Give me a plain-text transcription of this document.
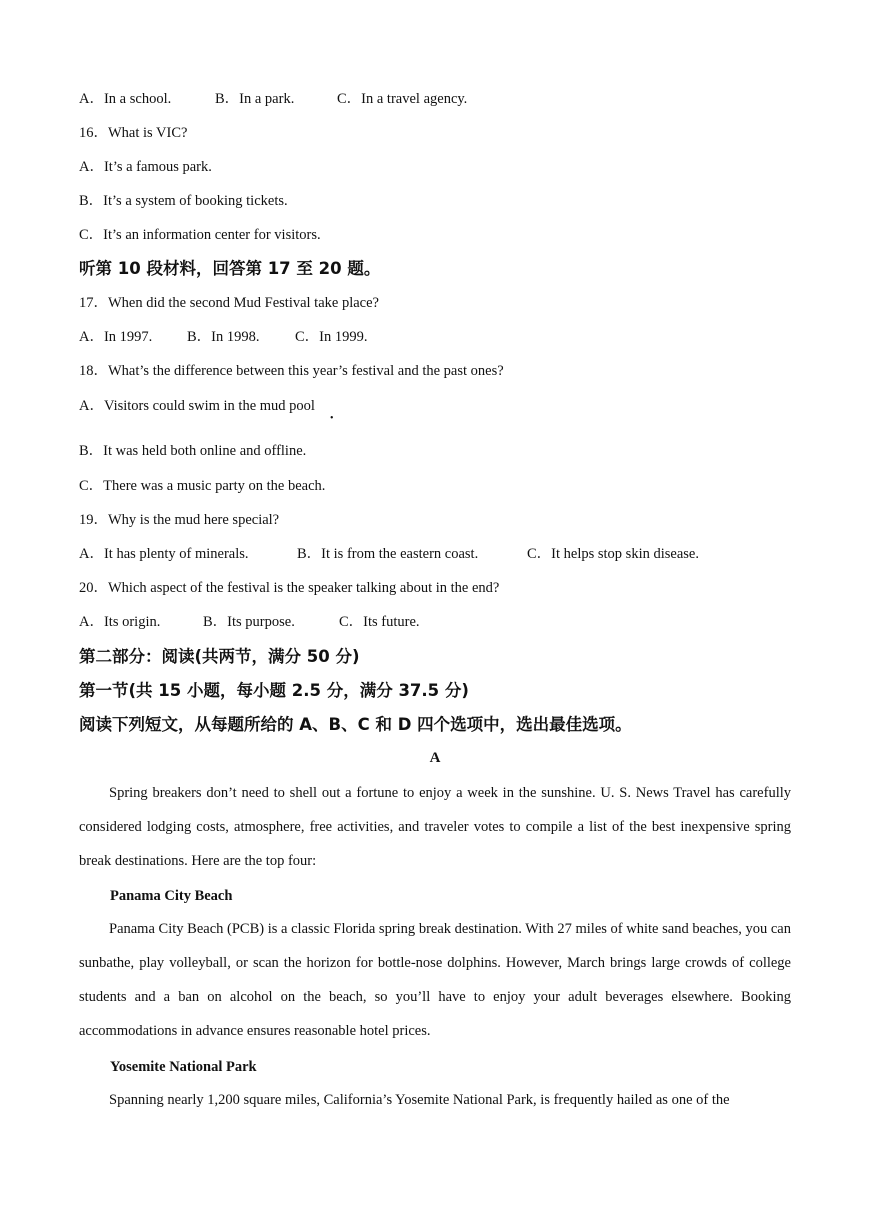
A．In a school.	B．In a park.	C．In a travel agency.
16．What is VIC?
A．It’s a famous park.
B．It’s a system of booking tickets.
C．It’s an information center for visitors.
听第 10 段材料，回答第 17 至 20 题。
17．When did the second Mud Festival take place?
A．In 1997. B．In 1998. C．In 1999.
18．What’s the difference between this year’s festival and the past ones?
A．Visitors could swim in the mud pool
•
B．It was held both online and offline.
C．There was a music party on the beach.
19．Why is the mud here special?
A．It has plenty of minerals.	B．It is from the eastern coast.	C．It helps stop skin disease.
20．Which aspect of the festival is the speaker talking about in the end?
A．Its origin.	B．Its purpose.	C．Its future.
第二部分：阅读(共两节，满分 50 分)
第一节(共 15 小题，每小题 2.5 分，满分 37.5 分)
阅读下列短文，从每题所给的 A、B、C 和 D 四个选项中，选出最佳选项。
A
Spring breakers don’t need to shell out a fortune to enjoy a week in the sunshine. U. S. News Travel has carefully considered lodging costs, atmosphere, free activities, and traveler votes to compile a list of the best inexpensive spring break destinations. Here are the top four:
Panama City Beach
Panama City Beach (PCB) is a classic Florida spring break destination. With 27 miles of white sand beaches, you can sunbathe, play volleyball, or scan the horizon for bottle-nose dolphins. However, March brings large crowds of college students and a ban on alcohol on the beach, so you’ll have to enjoy your adult beverages elsewhere. Booking accommodations in advance ensures reasonable hotel prices.
Yosemite National Park
Spanning nearly 1,200 square miles, California’s Yosemite National Park, is frequently hailed as one of the
